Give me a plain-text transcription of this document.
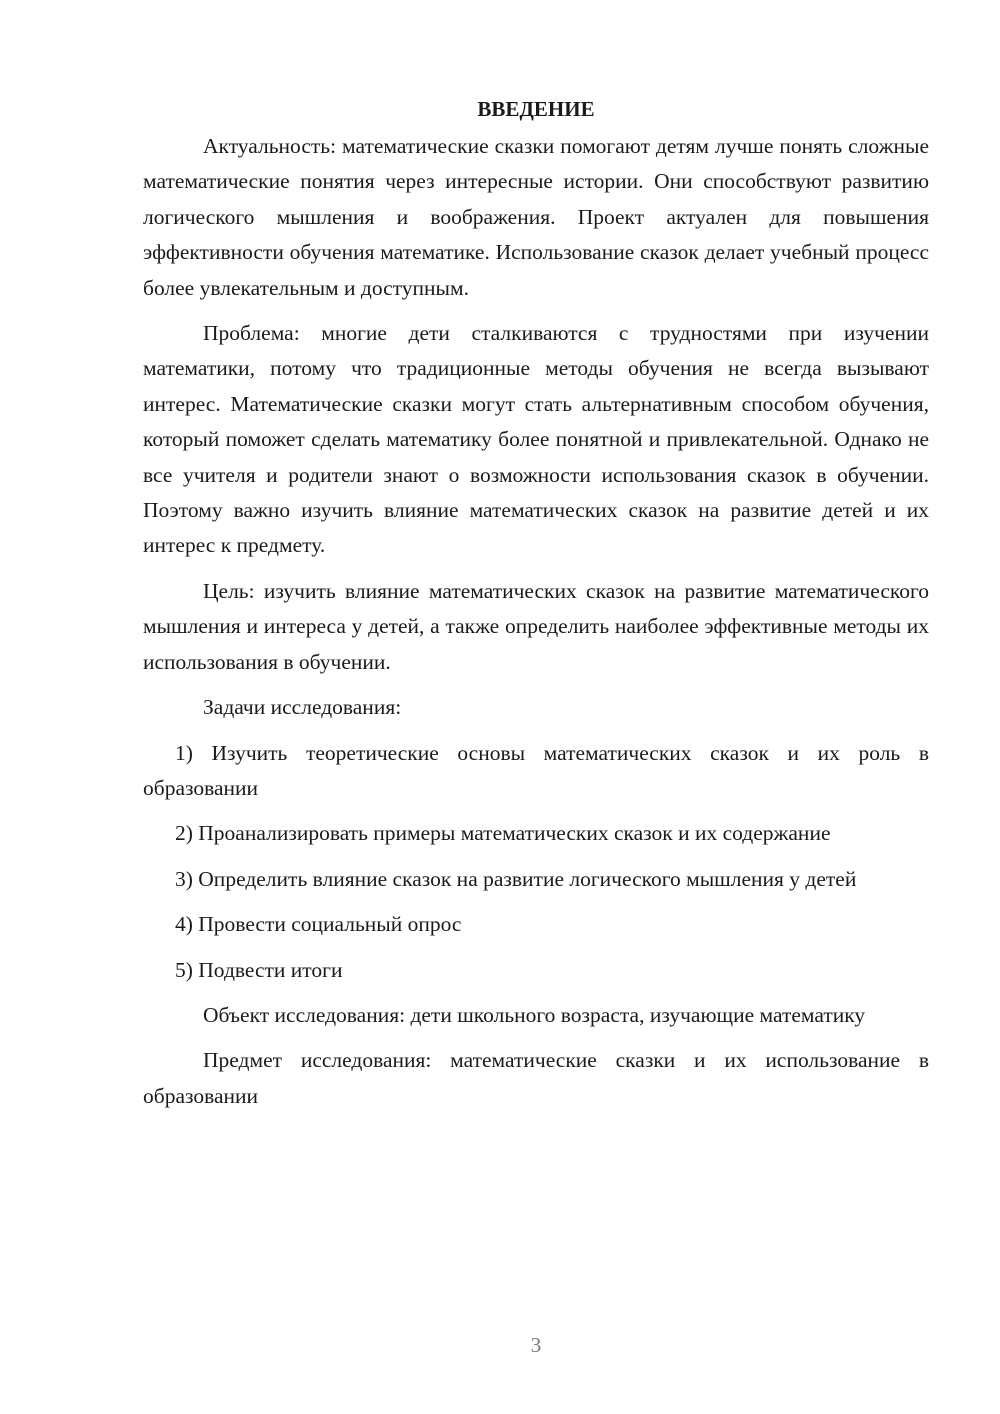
ВВЕДЕНИЕ

Актуальность: математические сказки помогают детям лучше понять сложные математические понятия через интересные истории. Они способствуют развитию логического мышления и воображения. Проект актуален для повышения эффективности обучения математике. Использование сказок делает учебный процесс более увлекательным и доступным.

Проблема: многие дети сталкиваются с трудностями при изучении математики, потому что традиционные методы обучения не всегда вызывают интерес. Математические сказки могут стать альтернативным способом обучения, который поможет сделать математику более понятной и привлекательной. Однако не все учителя и родители знают о возможности использования сказок в обучении. Поэтому важно изучить влияние математических сказок на развитие детей и их интерес к предмету.

Цель: изучить влияние математических сказок на развитие математического мышления и интереса у детей, а также определить наиболее эффективные методы их использования в обучении.

Задачи исследования:

1) Изучить теоретические основы математических сказок и их роль в образовании

2) Проанализировать примеры математических сказок и их содержание

3) Определить влияние сказок на развитие логического мышления у детей

4) Провести социальный опрос

5) Подвести итоги

Объект исследования: дети школьного возраста, изучающие математику

Предмет исследования: математические сказки и их использование в образовании

3
